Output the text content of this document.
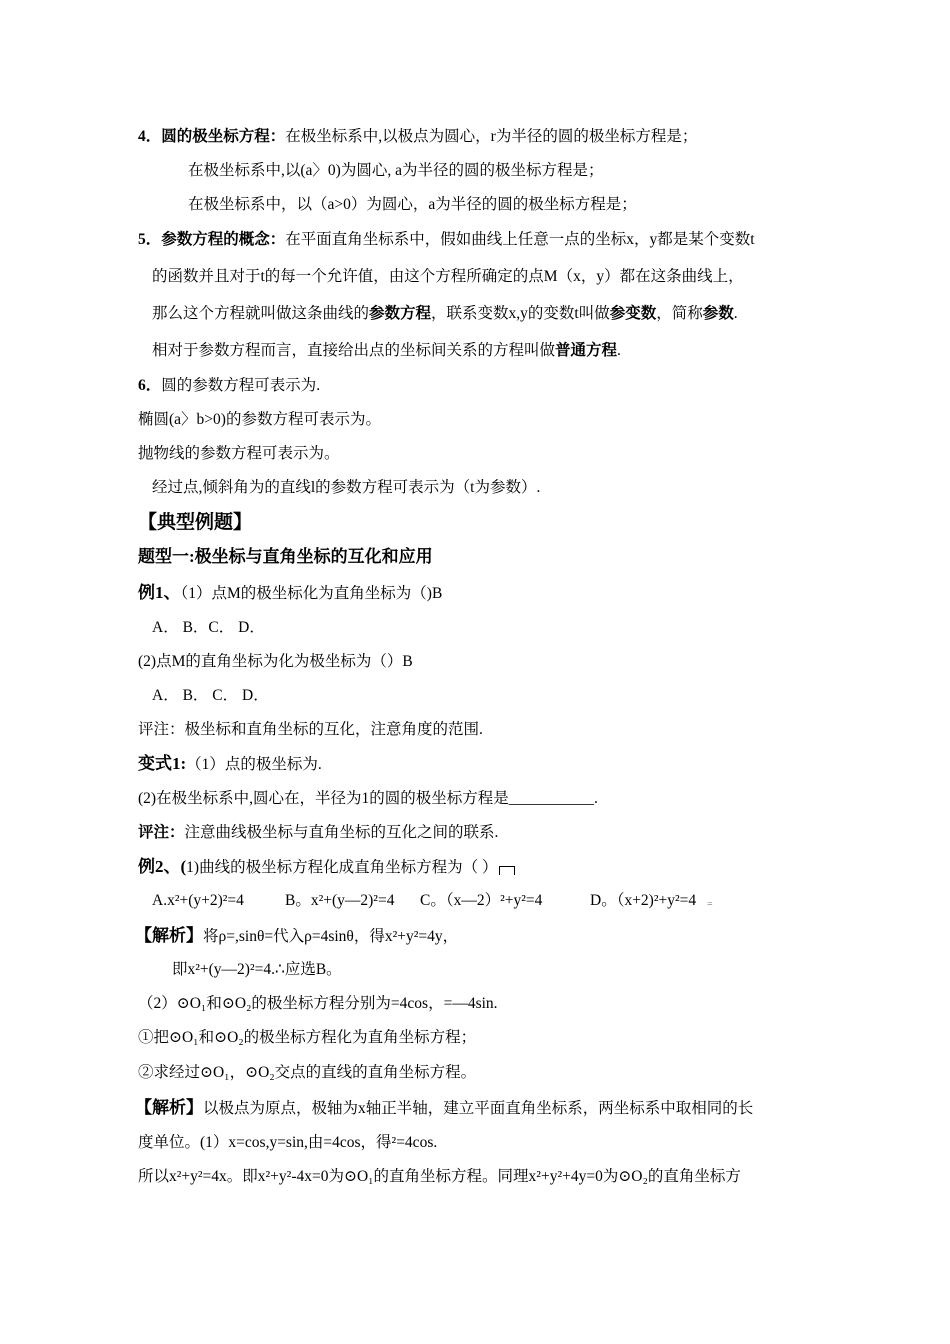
4．圆的极坐标方程：在极坐标系中,以极点为圆心，r为半径的圆的极坐标方程是；
在极坐标系中,以(a〉0)为圆心, a为半径的圆的极坐标方程是；
在极坐标系中，以（a>0）为圆心，a为半径的圆的极坐标方程是；
5．参数方程的概念：在平面直角坐标系中，假如曲线上任意一点的坐标x，y都是某个变数t
的函数并且对于t的每一个允许值，由这个方程所确定的点M（x，y）都在这条曲线上，
那么这个方程就叫做这条曲线的参数方程，联系变数x,y的变数t叫做参变数，简称参数.
相对于参数方程而言，直接给出点的坐标间关系的方程叫做普通方程.
6．圆的参数方程可表示为.
椭圆(a〉b>0)的参数方程可表示为。
抛物线的参数方程可表示为。
经过点,倾斜角为的直线l的参数方程可表示为（t为参数）.
【典型例题】
题型一:极坐标与直角坐标的互化和应用
例1、（1）点M的极坐标化为直角坐标为（)B
A． B．C． D．
(2)点M的直角坐标为化为极坐标为（）B
A． B． C． D．
评注：极坐标和直角坐标的互化，注意角度的范围.
变式1:（1）点的极坐标为.
(2)在极坐标系中,圆心在，半径为1的圆的极坐标方程是___________.
评注：注意曲线极坐标与直角坐标的互化之间的联系.
例2、(1)曲线的极坐标方程化成直角坐标方程为（ ）
A.x²+(y+2)²=4	B。x²+(y—2)²=4 C。（x—2）²+y²=4	D。（x+2)²+y²=4 =
【解析】将ρ=,sinθ=代入ρ=4sinθ，得x²+y²=4y，
即x²+(y—2)²=4.∴应选B。
（2）⊙O₁和⊙O₂的极坐标方程分别为=4cos，=—4sin.
①把⊙O₁和⊙O₂的极坐标方程化为直角坐标方程；
②求经过⊙O₁，⊙O₂交点的直线的直角坐标方程。
【解析】以极点为原点，极轴为x轴正半轴，建立平面直角坐标系，两坐标系中取相同的长
度单位。(1）x=cos,y=sin,由=4cos，得²=4cos.
所以x²+y²=4x。即x²+y²-4x=0为⊙O₁的直角坐标方程。同理x²+y²+4y=0为⊙O₂的直角坐标方
